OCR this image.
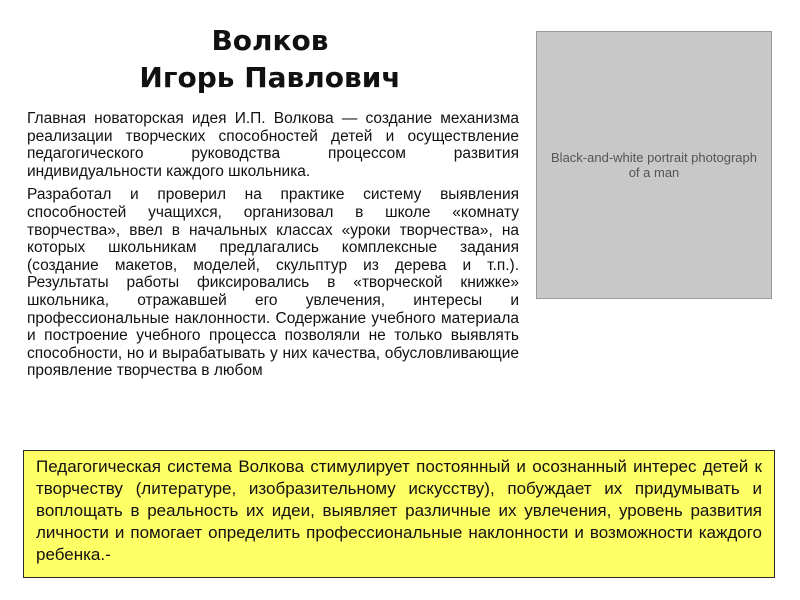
Волков
Игорь Павлович
Black-and-white portrait photograph of a man

Главная новаторская идея И.П. Волкова — создание механизма реализации творческих способностей детей и осуществление педагогического руководства процессом развития индивидуальности каждого школьника.

Разработал и проверил на практике систему выявления способностей учащихся, организовал в школе «комнату творчества», ввел в начальных классах «уроки творчества», на которых школьникам предлагались комплексные задания (создание макетов, моделей, скульптур из дерева и т.п.). Результаты работы фиксировались в «творческой книжке» школьника, отражавшей его увлечения, интересы и профессиональные наклонности. Содержание учебного материала и построение учебного процесса позволяли не только выявлять способности, но и вырабатывать у них качества, обусловливающие проявление творчества в любом

Педагогическая система Волкова стимулирует постоянный и осознанный интерес детей к творчеству (литературе, изобразительному искусству), побуждает их придумывать и воплощать в реальность их идеи, выявляет различные их увлечения, уровень развития личности и помогает определить профессиональные наклонности и возможности каждого ребенка.-
